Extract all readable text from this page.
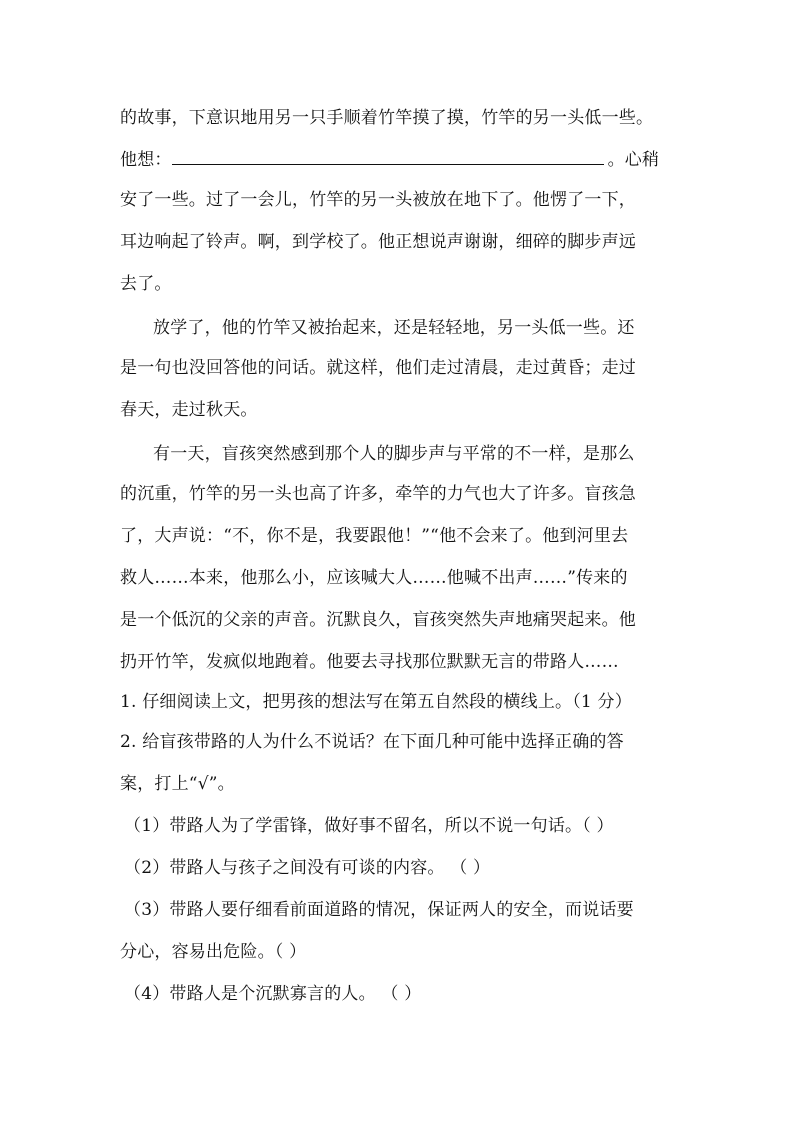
的故事，下意识地用另一只手顺着竹竿摸了摸，竹竿的另一头低一些。
他想：	。心稍
安了一些。过了一会儿，竹竿的另一头被放在地下了。他愣了一下，
耳边响起了铃声。啊，到学校了。他正想说声谢谢，细碎的脚步声远
去了。
放学了，他的竹竿又被抬起来，还是轻轻地，另一头低一些。还
是一句也没回答他的问话。就这样，他们走过清晨，走过黄昏；走过
春天，走过秋天。
有一天，盲孩突然感到那个人的脚步声与平常的不一样，是那么
的沉重，竹竿的另一头也高了许多，牵竿的力气也大了许多。盲孩急
了，大声说：“不，你不是，我要跟他！”“他不会来了。他到河里去
救人……本来，他那么小，应该喊大人……他喊不出声……”传来的
是一个低沉的父亲的声音。沉默良久，盲孩突然失声地痛哭起来。他
扔开竹竿，发疯似地跑着。他要去寻找那位默默无言的带路人……
1. 仔细阅读上文，把男孩的想法写在第五自然段的横线上。（1 分）
2. 给盲孩带路的人为什么不说话？在下面几种可能中选择正确的答
案，打上“√”。
（1）带路人为了学雷锋，做好事不留名，所以不说一句话。（ ）
（2）带路人与孩子之间没有可谈的内容。 （ ）
（3）带路人要仔细看前面道路的情况，保证两人的安全，而说话要
分心，容易出危险。（ ）
（4）带路人是个沉默寡言的人。 （ ）
